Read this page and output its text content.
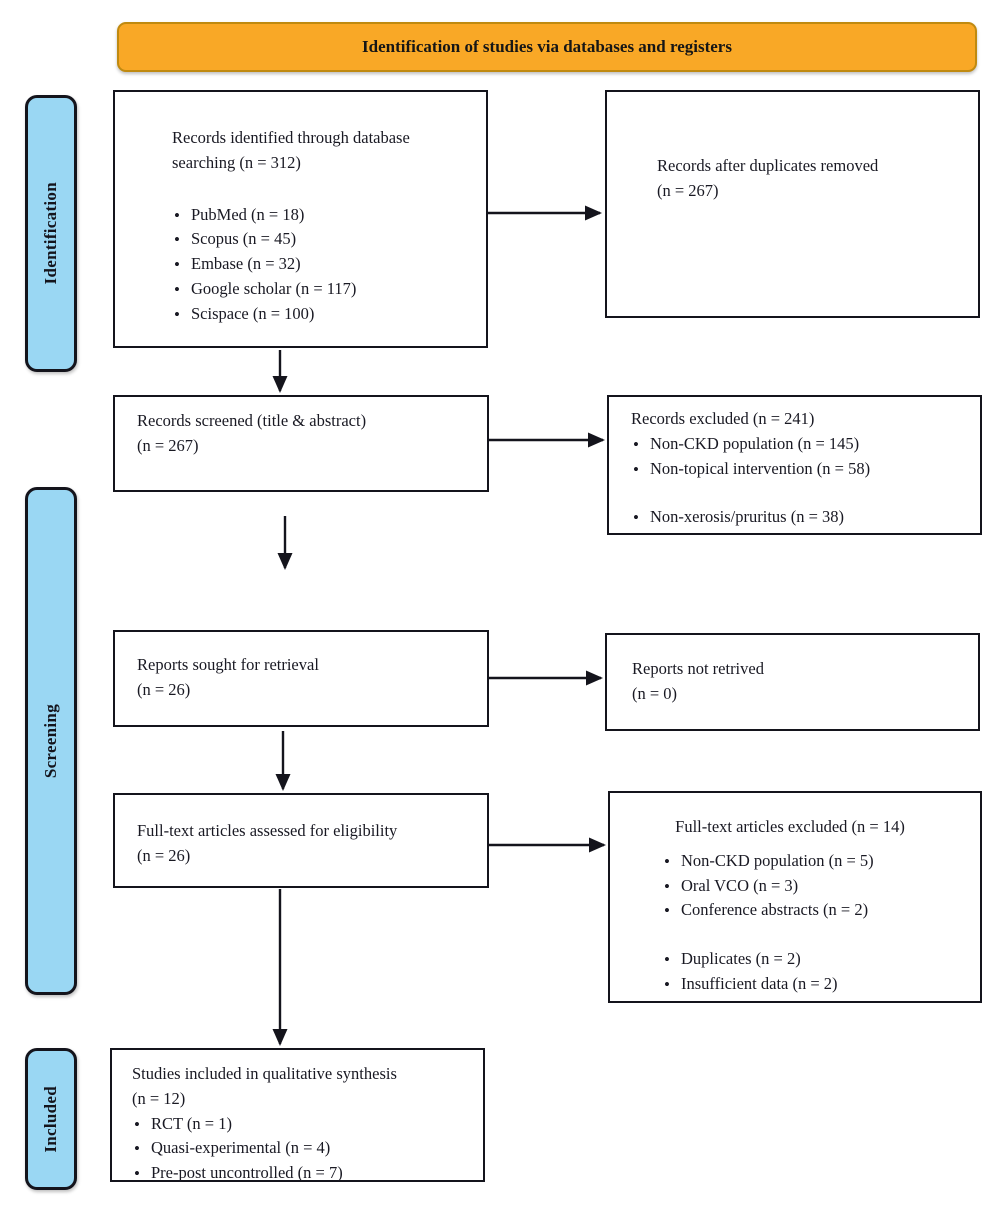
Identification of studies via databases and registers
Identification
Screening
Included
Records identified through database searching (n = 312)
• PubMed (n = 18)
• Scopus (n = 45)
• Embase (n = 32)
• Google scholar (n = 117)
• Scispace (n = 100)
Records after duplicates removed
(n = 267)
Records screened (title & abstract)
(n = 267)
Records excluded (n = 241)
• Non-CKD population (n = 145)
• Non-topical intervention (n = 58)
• Non-xerosis/pruritus (n = 38)
Reports sought for retrieval
(n = 26)
Reports not retrived
(n = 0)
Full-text articles assessed for eligibility
(n = 26)
Full-text articles excluded (n = 14)
• Non-CKD population (n = 5)
• Oral VCO (n = 3)
• Conference abstracts (n = 2)
• Duplicates (n = 2)
• Insufficient data (n = 2)
Studies included in qualitative synthesis
(n = 12)
• RCT (n = 1)
• Quasi-experimental (n = 4)
• Pre-post uncontrolled (n = 7)
